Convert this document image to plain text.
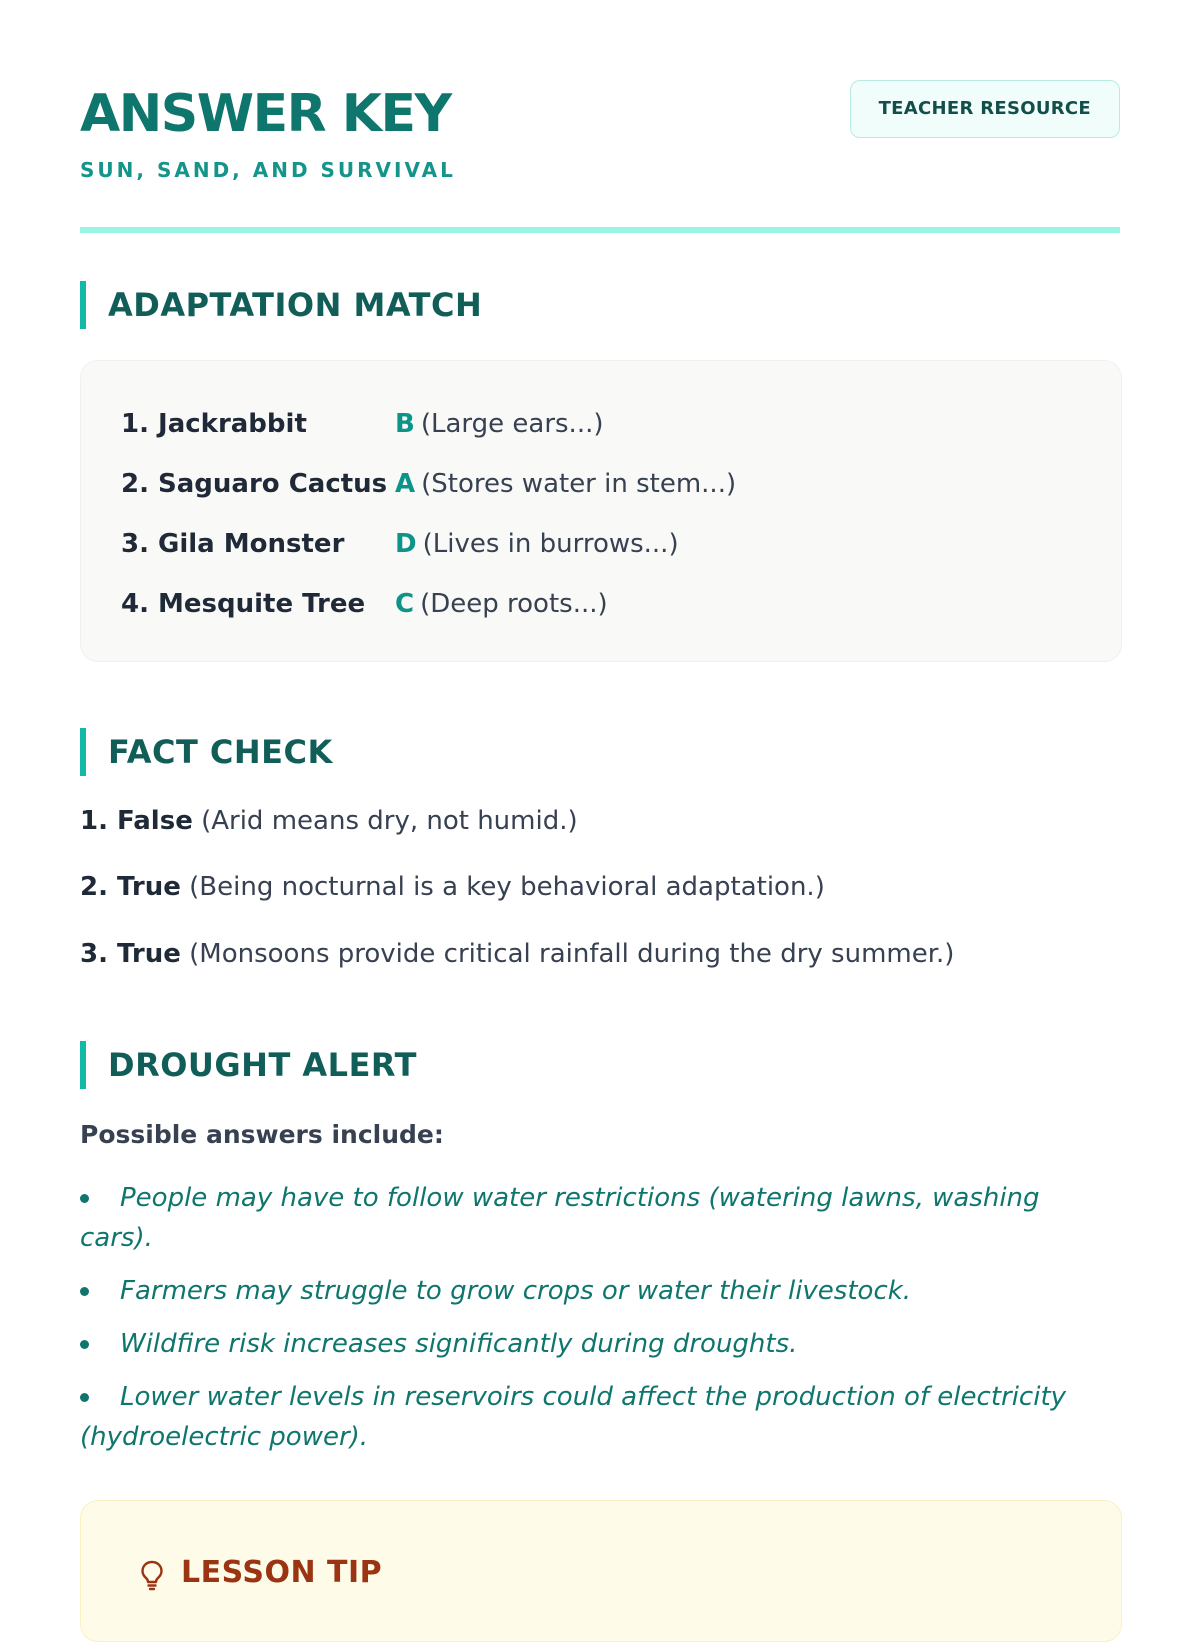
ANSWER KEY
SUN, SAND, AND SURVIVAL
TEACHER RESOURCE
ADAPTATION MATCH
1. Jackrabbit	B (Large ears...)
2. Saguaro Cactus A (Stores water in stem...)
3. Gila Monster	D (Lives in burrows...)
4. Mesquite Tree	C (Deep roots...)
FACT CHECK
1. False (Arid means dry, not humid.)
2. True (Being nocturnal is a key behavioral adaptation.)
3. True (Monsoons provide critical rainfall during the dry summer.)
DROUGHT ALERT
Possible answers include:
People may have to follow water restrictions (watering lawns, washing cars).
Farmers may struggle to grow crops or water their livestock.
Wildfire risk increases significantly during droughts.
Lower water levels in reservoirs could affect the production of electricity (hydroelectric power).
LESSON TIP
